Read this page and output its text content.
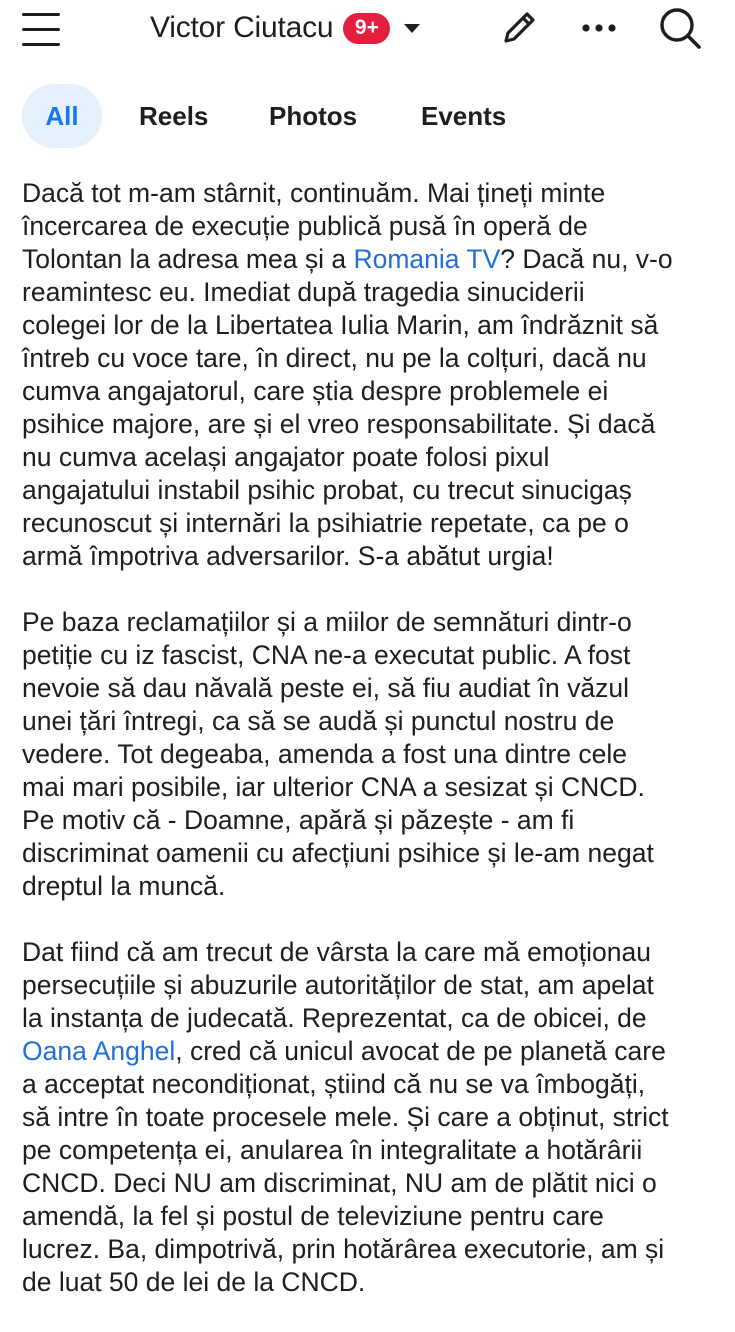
Victor Ciutacu	9+
All	Reels Photos Events

Dacă tot m-am stârnit, continuăm. Mai țineți minte
încercarea de execuție publică pusă în operă de
Tolontan la adresa mea și a Romania TV? Dacă nu, v-o
reamintesc eu. Imediat după tragedia sinuciderii
colegei lor de la Libertatea Iulia Marin, am îndrăznit să
întreb cu voce tare, în direct, nu pe la colțuri, dacă nu
cumva angajatorul, care știa despre problemele ei
psihice majore, are și el vreo responsabilitate. Și dacă
nu cumva același angajator poate folosi pixul
angajatului instabil psihic probat, cu trecut sinucigaș
recunoscut și internări la psihiatrie repetate, ca pe o
armă împotriva adversarilor. S-a abătut urgia!

Pe baza reclamațiilor și a miilor de semnături dintr-o
petiție cu iz fascist, CNA ne-a executat public. A fost
nevoie să dau năvală peste ei, să fiu audiat în văzul
unei țări întregi, ca să se audă și punctul nostru de
vedere. Tot degeaba, amenda a fost una dintre cele
mai mari posibile, iar ulterior CNA a sesizat și CNCD.
Pe motiv că - Doamne, apără și păzește - am fi
discriminat oamenii cu afecțiuni psihice și le-am negat
dreptul la muncă.

Dat fiind că am trecut de vârsta la care mă emoționau
persecuțiile și abuzurile autorităților de stat, am apelat
la instanța de judecată. Reprezentat, ca de obicei, de
Oana Anghel, cred că unicul avocat de pe planetă care
a acceptat necondiționat, știind că nu se va îmbogăți,
să intre în toate procesele mele. Și care a obținut, strict
pe competența ei, anularea în integralitate a hotărârii
CNCD. Deci NU am discriminat, NU am de plătit nici o
amendă, la fel și postul de televiziune pentru care
lucrez. Ba, dimpotrivă, prin hotărârea executorie, am și
de luat 50 de lei de la CNCD.
